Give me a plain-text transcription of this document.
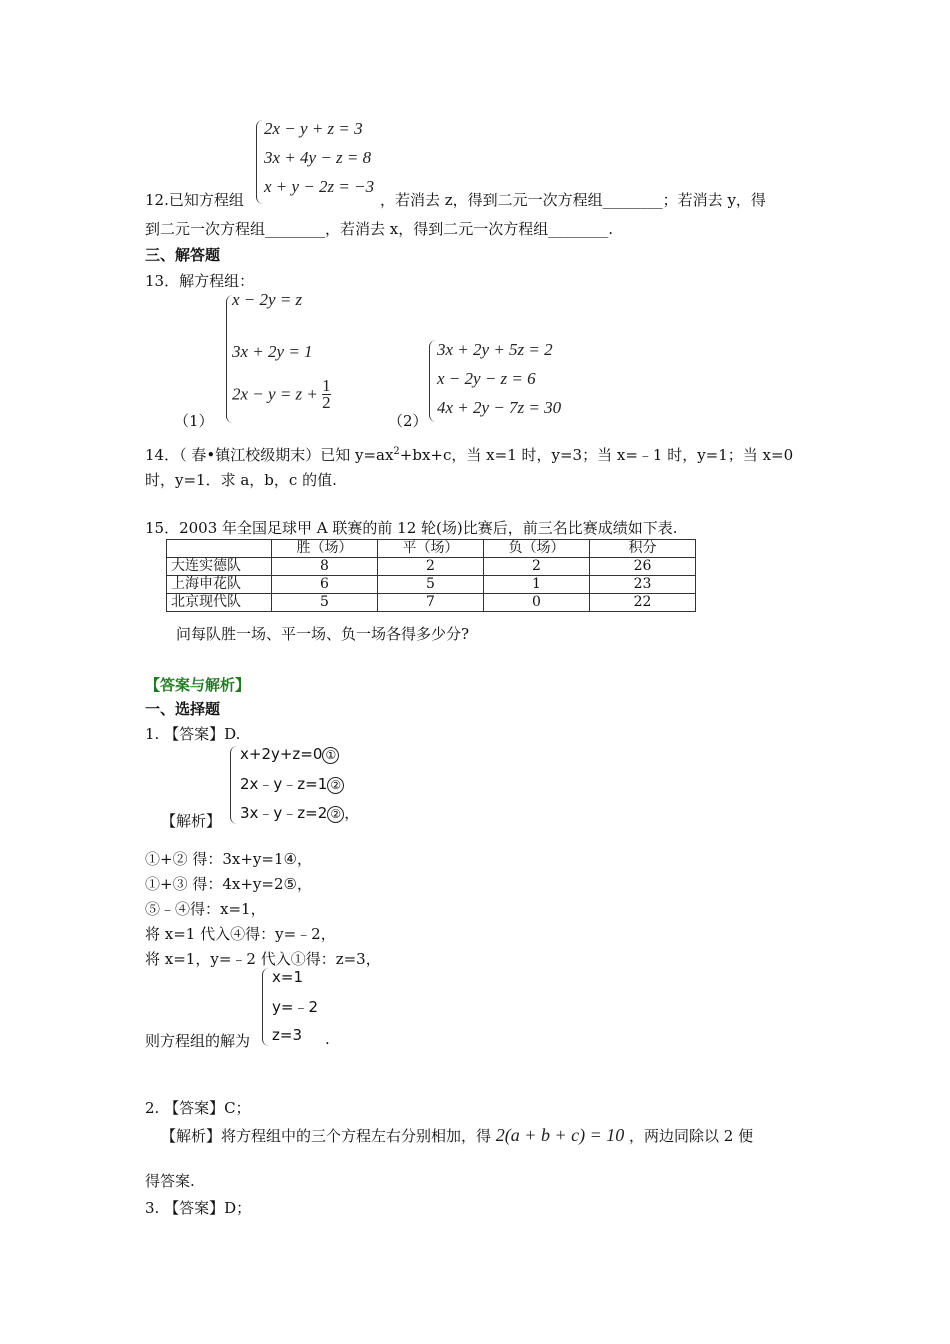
2x − y + z = 3
3x + 4y − z = 8
x + y − 2z = −3
12.已知方程组	，若消去 z，得到二元一次方程组________；若消去 y，得
到二元一次方程组________，若消去 x，得到二元一次方程组________.
三、解答题
13．解方程组：
x − 2y = z
3x + 2y = 1
$2x - y = z + \frac{1}{2}$
（1）	（2）
3x + 2y + 5z = 2
x − 2y − z = 6
4x + 2y − 7z = 30
14．（ 春•镇江校级期末）已知 $y=ax^2+bx+c$，当 x=1 时，y=3；当 x=﹣1 时，y=1；当 x=0
时，y=1．求 a，b，c 的值.
15．2003 年全国足球甲 A 联赛的前 12 轮(场)比赛后，前三名比赛成绩如下表.
	胜（场）	平（场）	负（场）	积分
大连实德队	8	2	2	26
上海申花队	6	5	1	23
北京现代队	5	7	0	22
问每队胜一场、平一场、负一场各得多少分?
【答案与解析】
一、选择题
1. 【答案】D.
x+2y+z=0 ①
2x﹣y﹣z=1 ②
3x﹣y﹣z=2 ② ，
【解析】
①+② 得：3x+y=1④，
①+③ 得：4x+y=2⑤，
⑤﹣④得：x=1，
将 x=1 代入④得：y=﹣2，
将 x=1，y=﹣2 代入①得：z=3，
x=1
y=﹣2
z=3
则方程组的解为	.
2. 【答案】C；
【解析】将方程组中的三个方程左右分别相加，得 2(a + b + c) = 10 ，两边同除以 2 便
得答案.
3. 【答案】D；
